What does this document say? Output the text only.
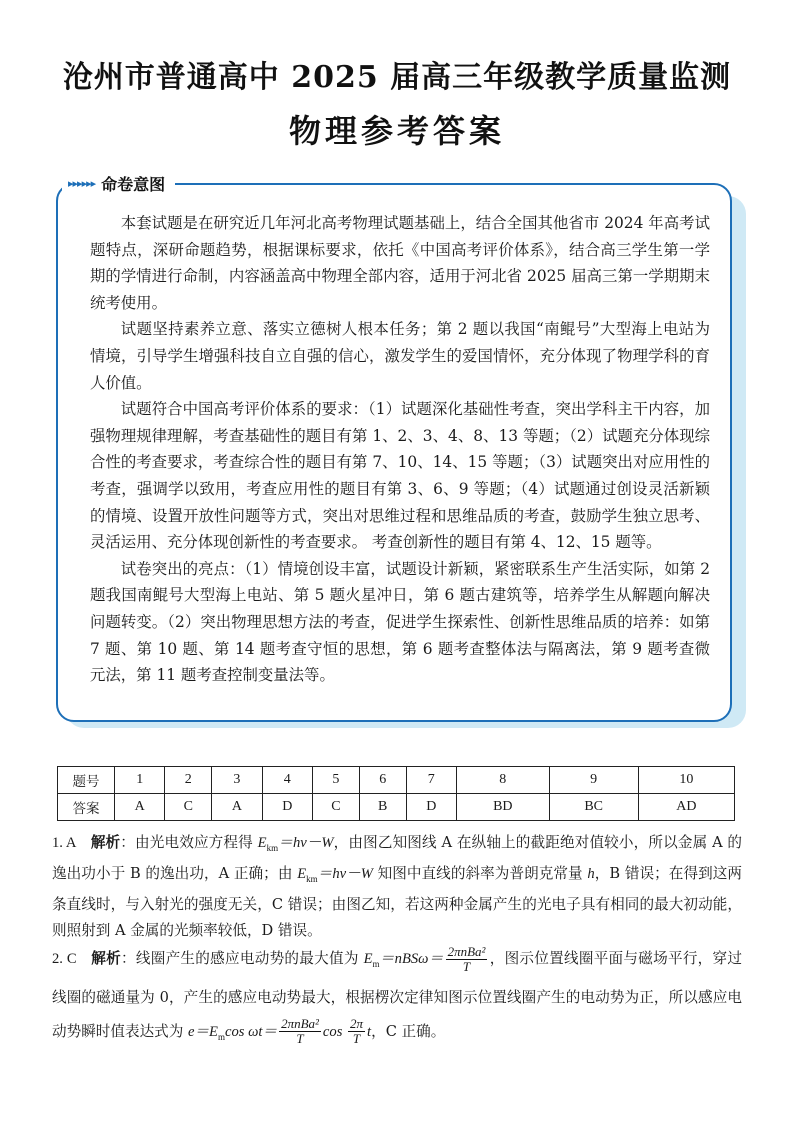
沧州市普通高中 2025 届高三年级教学质量监测
物理参考答案
▸▸▸▸▸▸ 命卷意图

本套试题是在研究近几年河北高考物理试题基础上，结合全国其他省市 2024 年高考试题特点，深研命题趋势，根据课标要求，依托《中国高考评价体系》，结合高三学生第一学期的学情进行命制，内容涵盖高中物理全部内容，适用于河北省 2025 届高三第一学期期末统考使用。

试题坚持素养立意、落实立德树人根本任务；第 2 题以我国“南鲲号”大型海上电站为情境，引导学生增强科技自立自强的信心，激发学生的爱国情怀，充分体现了物理学科的育人价值。

试题符合中国高考评价体系的要求：（1）试题深化基础性考查，突出学科主干内容，加强物理规律理解，考查基础性的题目有第 1、2、3、4、8、13 等题；（2）试题充分体现综合性的考查要求，考查综合性的题目有第 7、10、14、15 等题；（3）试题突出对应用性的考查，强调学以致用，考查应用性的题目有第 3、6、9 等题；（4）试题通过创设灵活新颖的情境、设置开放性问题等方式，突出对思维过程和思维品质的考查，鼓励学生独立思考、灵活运用、充分体现创新性的考查要求。 考查创新性的题目有第 4、12、15 题等。

试卷突出的亮点：（1）情境创设丰富，试题设计新颖，紧密联系生产生活实际，如第 2 题我国南鲲号大型海上电站、第 5 题火星冲日，第 6 题古建筑等，培养学生从解题向解决问题转变。（2）突出物理思想方法的考查，促进学生探索性、创新性思维品质的培养：如第 7 题、第 10 题、第 14 题考查守恒的思想，第 6 题考查整体法与隔离法，第 9 题考查微元法，第 11 题考查控制变量法等。

题号	1	2	3	4	5	6	7	8	9	10
答案	A	C	A	D	C	B	D	BD	BC	AD
1. A 解析：由光电效应方程得 $E_{km}=h\nu-W$，由图乙知图线 A 在纵轴上的截距绝对值较小，所以金属 A 的逸出功小于 B 的逸出功，A 正确；由 $E_{km}=h\nu-W$ 知图中直线的斜率为普朗克常量 h，B 错误；在得到这两条直线时，与入射光的强度无关，C 错误；由图乙知，若这两种金属产生的光电子具有相同的最大初动能，则照射到 A 金属的光频率较低，D 错误。
2. C 解析：线圈产生的感应电动势的最大值为 $E_m=nBS\omega= \frac{\text{2πnBa²}}{T}$ ，图示位置线圈平面与磁场平行，穿过线圈的磁通量为 0，产生的感应电动势最大，根据楞次定律知图示位置线圈产生的电动势为正，所以感应电动势瞬时值表达式为 $e=E_m\cos$ $\omega t= \frac{\text{2πnBa²}}{T}$ $\cos \frac{2\pi}{T}$ t，C 正确。
